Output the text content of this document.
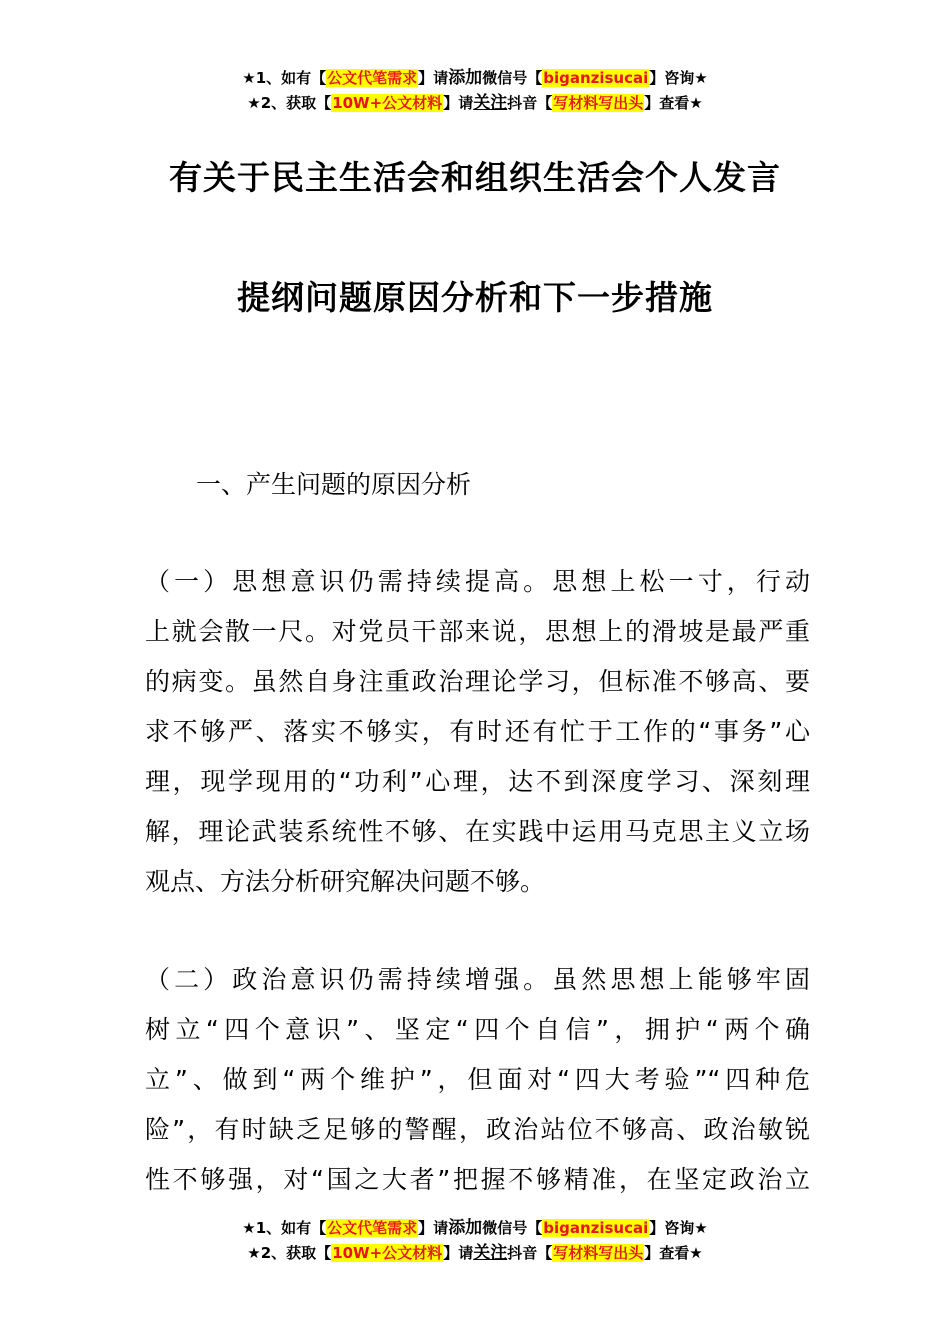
★1、如有【公文代笔需求】请添加微信号【biganzisucai】咨询★
★2、获取【10W+公文材料】请关注抖音【写材料写出头】查看★
有关于民主生活会和组织生活会个人发言
提纲问题原因分析和下一步措施
一、产生问题的原因分析
（一）思想意识仍需持续提高。思想上松一寸，行动
上就会散一尺。对党员干部来说，思想上的滑坡是最严重
的病变。虽然自身注重政治理论学习，但标准不够高、要
求不够严、落实不够实，有时还有忙于工作的“事务”心
理，现学现用的“功利”心理，达不到深度学习、深刻理
解，理论武装系统性不够、在实践中运用马克思主义立场
观点、方法分析研究解决问题不够。
（二）政治意识仍需持续增强。虽然思想上能够牢固
树立“四个意识”、坚定“四个自信”，拥护“两个确
立”、做到“两个维护”，但面对“四大考验”“四种危
险”，有时缺乏足够的警醒，政治站位不够高、政治敏锐
性不够强，对“国之大者”把握不够精准，在坚定政治立
★1、如有【公文代笔需求】请添加微信号【biganzisucai】咨询★
★2、获取【10W+公文材料】请关注抖音【写材料写出头】查看★
